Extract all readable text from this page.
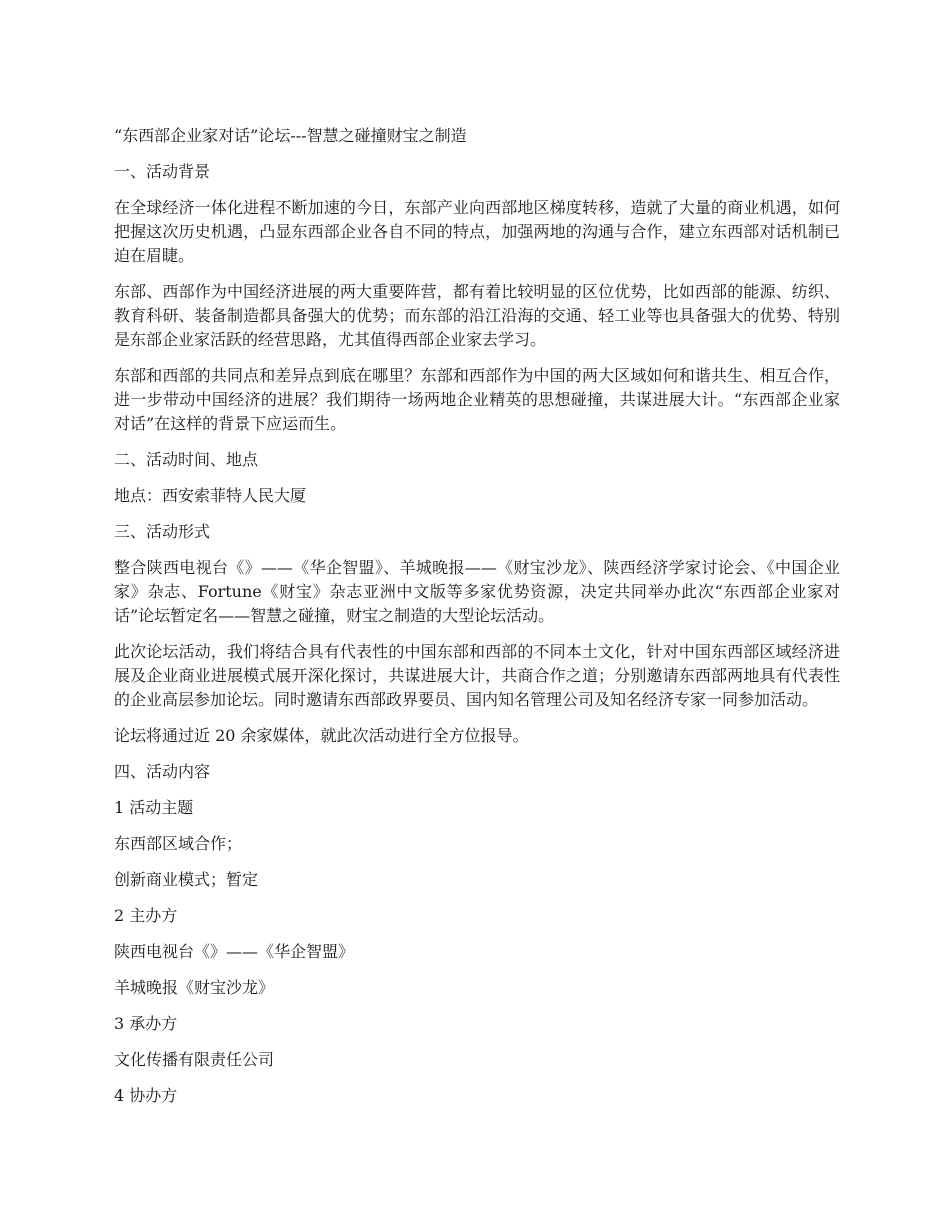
“东西部企业家对话”论坛---智慧之碰撞财宝之制造

一、活动背景

在全球经济一体化进程不断加速的今日，东部产业向西部地区梯度转移，造就了大量的商业机遇，如何把握这次历史机遇，凸显东西部企业各自不同的特点，加强两地的沟通与合作，建立东西部对话机制已迫在眉睫。

东部、西部作为中国经济进展的两大重要阵营，都有着比较明显的区位优势，比如西部的能源、纺织、教育科研、装备制造都具备强大的优势；而东部的沿江沿海的交通、轻工业等也具备强大的优势、特别是东部企业家活跃的经营思路，尤其值得西部企业家去学习。

东部和西部的共同点和差异点到底在哪里？东部和西部作为中国的两大区域如何和谐共生、相互合作，进一步带动中国经济的进展？我们期待一场两地企业精英的思想碰撞，共谋进展大计。“东西部企业家对话”在这样的背景下应运而生。

二、活动时间、地点

地点：西安索菲特人民大厦

三、活动形式

整合陕西电视台《》——《华企智盟》、羊城晚报——《财宝沙龙》、陕西经济学家讨论会、《中国企业家》杂志、Fortune《财宝》杂志亚洲中文版等多家优势资源，决定共同举办此次“东西部企业家对话”论坛暂定名——智慧之碰撞，财宝之制造的大型论坛活动。

此次论坛活动，我们将结合具有代表性的中国东部和西部的不同本土文化，针对中国东西部区域经济进展及企业商业进展模式展开深化探讨，共谋进展大计，共商合作之道；分别邀请东西部两地具有代表性的企业高层参加论坛。同时邀请东西部政界要员、国内知名管理公司及知名经济专家一同参加活动。

论坛将通过近 20 余家媒体，就此次活动进行全方位报导。

四、活动内容

1 活动主题

东西部区域合作；

创新商业模式；暂定

2 主办方

陕西电视台《》——《华企智盟》

羊城晚报《财宝沙龙》

3 承办方

文化传播有限责任公司

4 协办方
